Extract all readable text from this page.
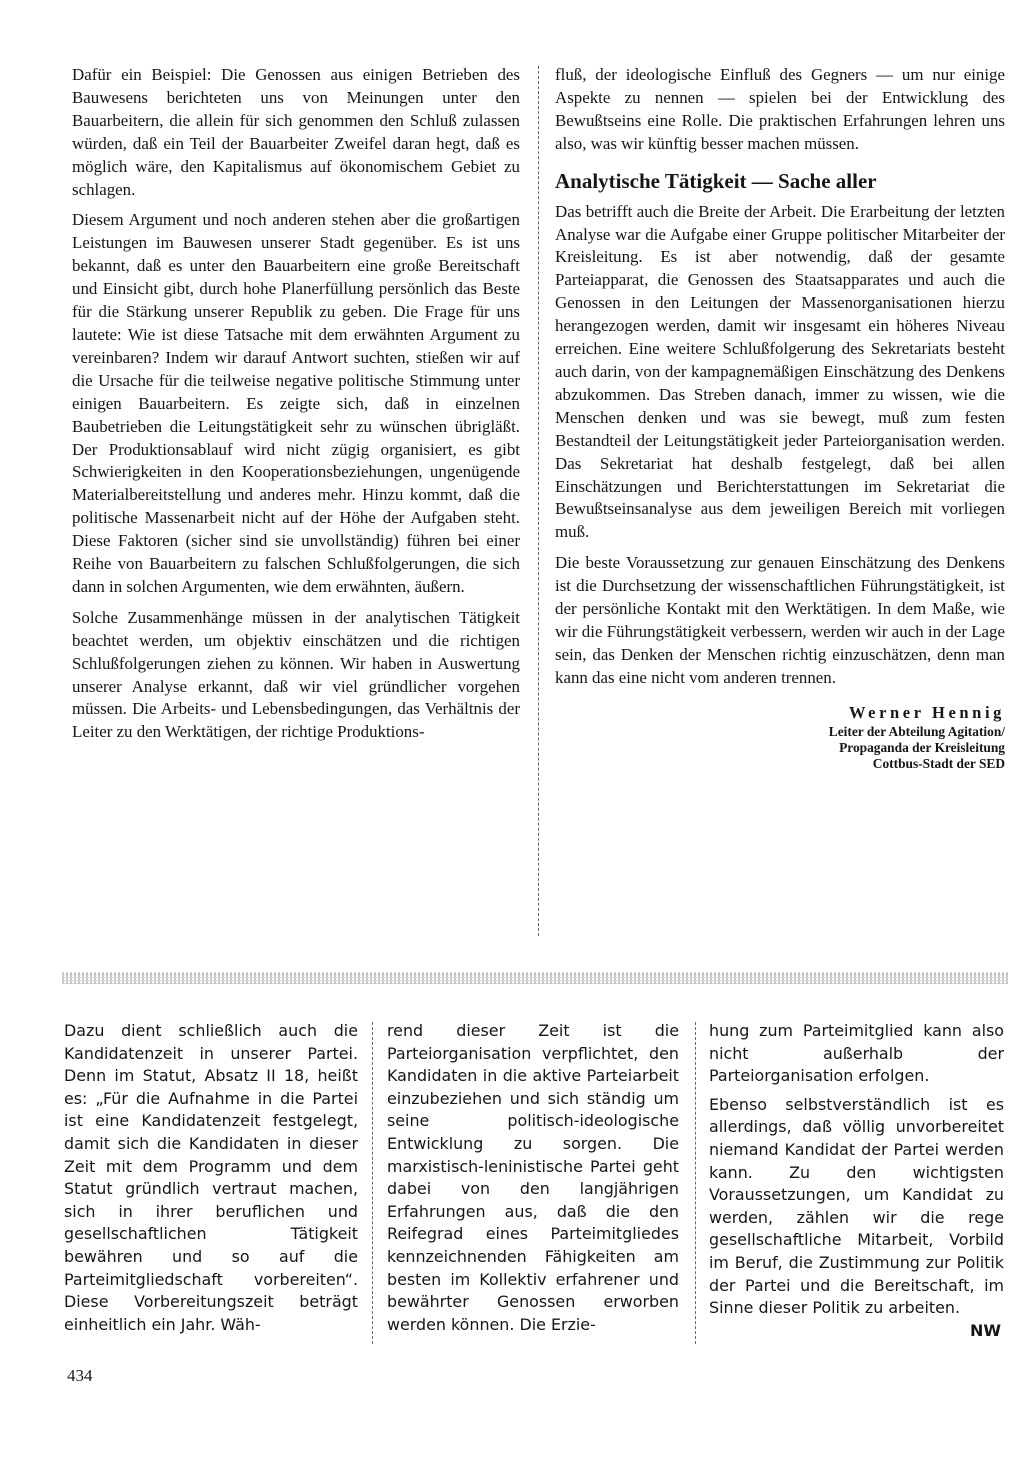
Dafür ein Beispiel: Die Genossen aus einigen Betrieben des Bauwesens berichteten uns von Meinungen unter den Bauarbeitern, die allein für sich genommen den Schluß zulassen würden, daß ein Teil der Bauarbeiter Zweifel daran hegt, daß es möglich wäre, den Kapitalismus auf ökonomischem Gebiet zu schlagen.

Diesem Argument und noch anderen stehen aber die großartigen Leistungen im Bauwesen unserer Stadt gegenüber. Es ist uns bekannt, daß es unter den Bauarbeitern eine große Bereitschaft und Einsicht gibt, durch hohe Planerfüllung persönlich das Beste für die Stärkung unserer Republik zu geben. Die Frage für uns lautete: Wie ist diese Tatsache mit dem erwähnten Argument zu vereinbaren? Indem wir darauf Antwort suchten, stießen wir auf die Ursache für die teilweise negative politische Stimmung unter einigen Bauarbeitern. Es zeigte sich, daß in einzelnen Baubetrieben die Leitungstätigkeit sehr zu wünschen übrigläßt. Der Produktionsablauf wird nicht zügig organisiert, es gibt Schwierigkeiten in den Kooperationsbeziehungen, ungenügende Materialbereitstellung und anderes mehr. Hinzu kommt, daß die politische Massenarbeit nicht auf der Höhe der Aufgaben steht. Diese Faktoren (sicher sind sie unvollständig) führen bei einer Reihe von Bauarbeitern zu falschen Schlußfolgerungen, die sich dann in solchen Argumenten, wie dem erwähnten, äußern.

Solche Zusammenhänge müssen in der analytischen Tätigkeit beachtet werden, um objektiv einschätzen und die richtigen Schlußfolgerungen ziehen zu können. Wir haben in Auswertung unserer Analyse erkannt, daß wir viel gründlicher vorgehen müssen. Die Arbeits- und Lebensbedingungen, das Verhältnis der Leiter zu den Werktätigen, der richtige Produktions-

fluß, der ideologische Einfluß des Gegners — um nur einige Aspekte zu nennen — spielen bei der Entwicklung des Bewußtseins eine Rolle. Die praktischen Erfahrungen lehren uns also, was wir künftig besser machen müssen.

Analytische Tätigkeit — Sache aller

Das betrifft auch die Breite der Arbeit. Die Erarbeitung der letzten Analyse war die Aufgabe einer Gruppe politischer Mitarbeiter der Kreisleitung. Es ist aber notwendig, daß der gesamte Parteiapparat, die Genossen des Staatsapparates und auch die Genossen in den Leitungen der Massenorganisationen hierzu herangezogen werden, damit wir insgesamt ein höheres Niveau erreichen. Eine weitere Schlußfolgerung des Sekretariats besteht auch darin, von der kampagnemäßigen Einschätzung des Denkens abzukommen. Das Streben danach, immer zu wissen, wie die Menschen denken und was sie bewegt, muß zum festen Bestandteil der Leitungstätigkeit jeder Parteiorganisation werden. Das Sekretariat hat deshalb festgelegt, daß bei allen Einschätzungen und Berichterstattungen im Sekretariat die Bewußtseinsanalyse aus dem jeweiligen Bereich mit vorliegen muß.

Die beste Voraussetzung zur genauen Einschätzung des Denkens ist die Durchsetzung der wissenschaftlichen Führungstätigkeit, ist der persönliche Kontakt mit den Werktätigen. In dem Maße, wie wir die Führungstätigkeit verbessern, werden wir auch in der Lage sein, das Denken der Menschen richtig einzuschätzen, denn man kann das eine nicht vom anderen trennen.

Werner Hennig
Leiter der Abteilung Agitation/
Propaganda der Kreisleitung
Cottbus-Stadt der SED

Dazu dient schließlich auch die Kandidatenzeit in unserer Partei. Denn im Statut, Absatz II 18, heißt es: „Für die Aufnahme in die Partei ist eine Kandidatenzeit festgelegt, damit sich die Kandidaten in dieser Zeit mit dem Programm und dem Statut gründlich vertraut machen, sich in ihrer beruflichen und gesellschaftlichen Tätigkeit bewähren und so auf die Parteimitgliedschaft vorbereiten“. Diese Vorbereitungszeit beträgt einheitlich ein Jahr. Wäh-

rend dieser Zeit ist die Parteiorganisation verpflichtet, den Kandidaten in die aktive Parteiarbeit einzubeziehen und sich ständig um seine politisch-ideologische Entwicklung zu sorgen. Die marxistisch-leninistische Partei geht dabei von den langjährigen Erfahrungen aus, daß die den Reifegrad eines Parteimitgliedes kennzeichnenden Fähigkeiten am besten im Kollektiv erfahrener und bewährter Genossen erworben werden können. Die Erzie-

hung zum Parteimitglied kann also nicht außerhalb der Parteiorganisation erfolgen.

Ebenso selbstverständlich ist es allerdings, daß völlig unvorbereitet niemand Kandidat der Partei werden kann. Zu den wichtigsten Voraussetzungen, um Kandidat zu werden, zählen wir die rege gesellschaftliche Mitarbeit, Vorbild im Beruf, die Zustimmung zur Politik der Partei und die Bereitschaft, im Sinne dieser Politik zu arbeiten.

NW
434
